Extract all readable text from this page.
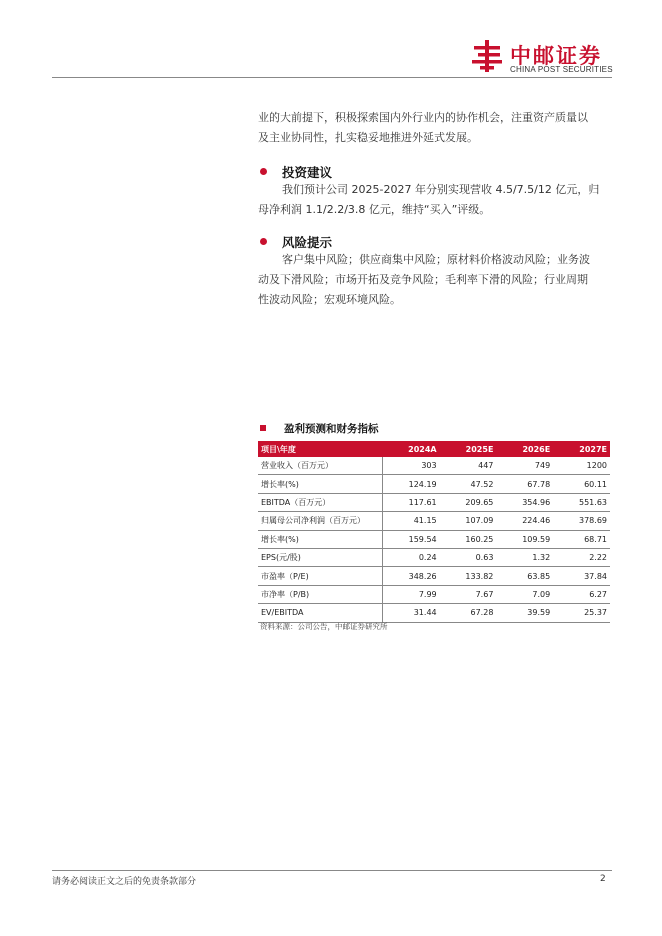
中邮证券
CHINA POST SECURITIES

业的大前提下，积极探索国内外行业内的协作机会，注重资产质量以

及主业协同性，扎实稳妥地推进外延式发展。

投资建议

我们预计公司 2025-2027 年分别实现营收 4.5/7.5/12 亿元，归

母净利润 1.1/2.2/3.8 亿元，维持“买入”评级。

风险提示

客户集中风险；供应商集中风险；原材料价格波动风险；业务波

动及下滑风险；市场开拓及竞争风险；毛利率下滑的风险；行业周期

性波动风险；宏观环境风险。

盈利预测和财务指标
项目\年度	2024A	2025E	2026E	2027E
营业收入（百万元）	303	447	749	1200
增长率(%)	124.19	47.52	67.78	60.11
EBITDA（百万元）	117.61	209.65	354.96	551.63
归属母公司净利润（百万元）	41.15	107.09	224.46	378.69
增长率(%)	159.54	160.25	109.59	68.71
EPS(元/股)	0.24	0.63	1.32	2.22
市盈率（P/E)	348.26	133.82	63.85	37.84
市净率（P/B)	7.99	7.67	7.09	6.27
EV/EBITDA	31.44	67.28	39.59	25.37
资料来源：公司公告，中邮证券研究所
请务必阅读正文之后的免责条款部分	2
